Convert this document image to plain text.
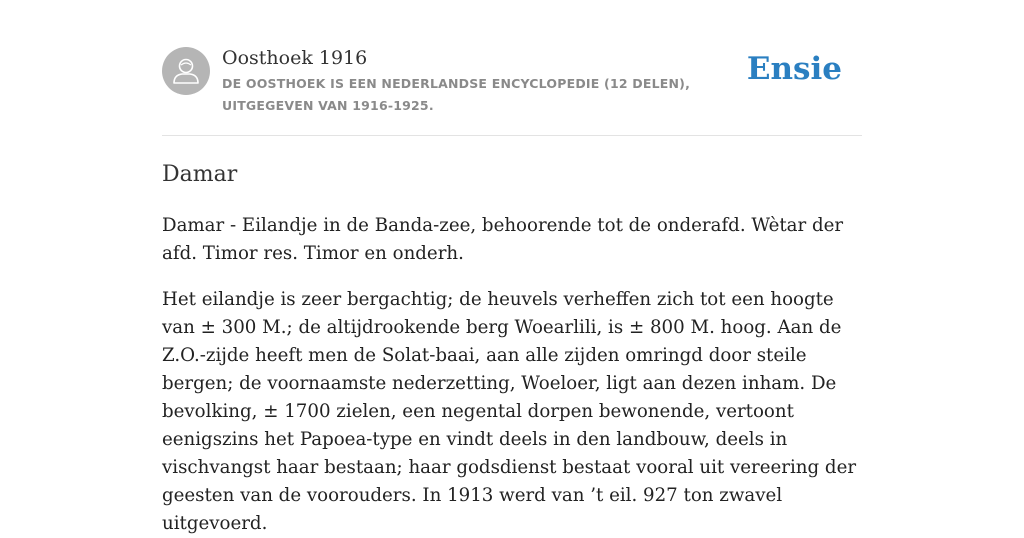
Oosthoek 1916
DE OOSTHOEK IS EEN NEDERLANDSE ENCYCLOPEDIE (12 DELEN), UITGEGEVEN VAN 1916-1925.
Ensie
Damar

Damar - Eilandje in de Banda-zee, behoorende tot de onderafd. Wètar der afd. Timor res. Timor en onderh.

Het eilandje is zeer bergachtig; de heuvels verheffen zich tot een hoogte van ± 300 M.; de altijdrookende berg Woearlili, is ± 800 M. hoog. Aan de Z.O.-zijde heeft men de Solat-baai, aan alle zijden omringd door steile bergen; de voornaamste nederzetting, Woeloer, ligt aan dezen inham. De bevolking, ± 1700 zielen, een negental dorpen bewonende, vertoont eenigszins het Papoea-type en vindt deels in den landbouw, deels in vischvangst haar bestaan; haar godsdienst bestaat vooral uit vereering der geesten van de voorouders. In 1913 werd van ’t eil. 927 ton zwavel uitgevoerd.
